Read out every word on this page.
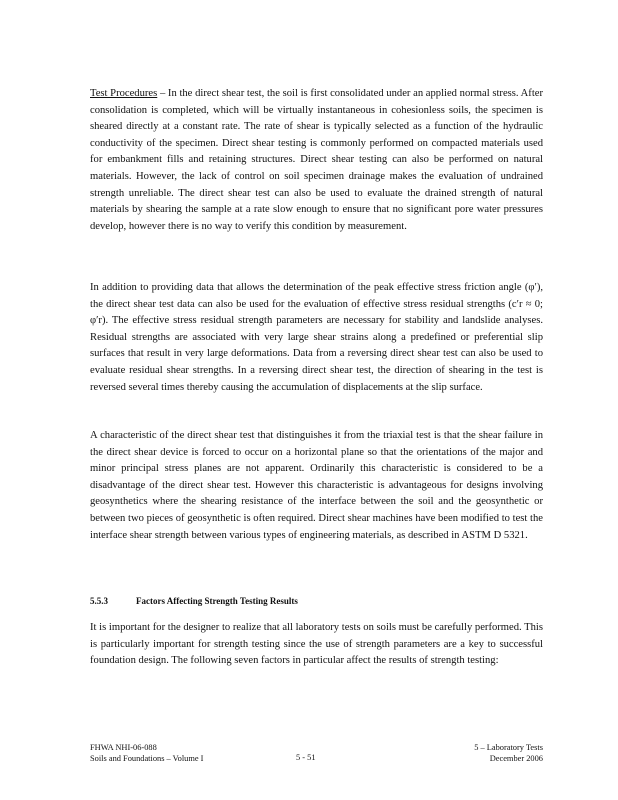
Test Procedures – In the direct shear test, the soil is first consolidated under an applied normal stress. After consolidation is completed, which will be virtually instantaneous in cohesionless soils, the specimen is sheared directly at a constant rate. The rate of shear is typically selected as a function of the hydraulic conductivity of the specimen. Direct shear testing is commonly performed on compacted materials used for embankment fills and retaining structures. Direct shear testing can also be performed on natural materials. However, the lack of control on soil specimen drainage makes the evaluation of undrained strength unreliable. The direct shear test can also be used to evaluate the drained strength of natural materials by shearing the sample at a rate slow enough to ensure that no significant pore water pressures develop, however there is no way to verify this condition by measurement.

In addition to providing data that allows the determination of the peak effective stress friction angle (φ′), the direct shear test data can also be used for the evaluation of effective stress residual strengths (c′r ≈ 0; φ′r). The effective stress residual strength parameters are necessary for stability and landslide analyses. Residual strengths are associated with very large shear strains along a predefined or preferential slip surfaces that result in very large deformations. Data from a reversing direct shear test can also be used to evaluate residual shear strengths. In a reversing direct shear test, the direction of shearing in the test is reversed several times thereby causing the accumulation of displacements at the slip surface.

A characteristic of the direct shear test that distinguishes it from the triaxial test is that the shear failure in the direct shear device is forced to occur on a horizontal plane so that the orientations of the major and minor principal stress planes are not apparent. Ordinarily this characteristic is considered to be a disadvantage of the direct shear test. However this characteristic is advantageous for designs involving geosynthetics where the shearing resistance of the interface between the soil and the geosynthetic or between two pieces of geosynthetic is often required. Direct shear machines have been modified to test the interface shear strength between various types of engineering materials, as described in ASTM D 5321.

5.5.3	Factors Affecting Strength Testing Results

It is important for the designer to realize that all laboratory tests on soils must be carefully performed. This is particularly important for strength testing since the use of strength parameters are a key to successful foundation design. The following seven factors in particular affect the results of strength testing:

FHWA NHI-06-088
Soils and Foundations – Volume I	5 - 51
5 – Laboratory Tests
December 2006
